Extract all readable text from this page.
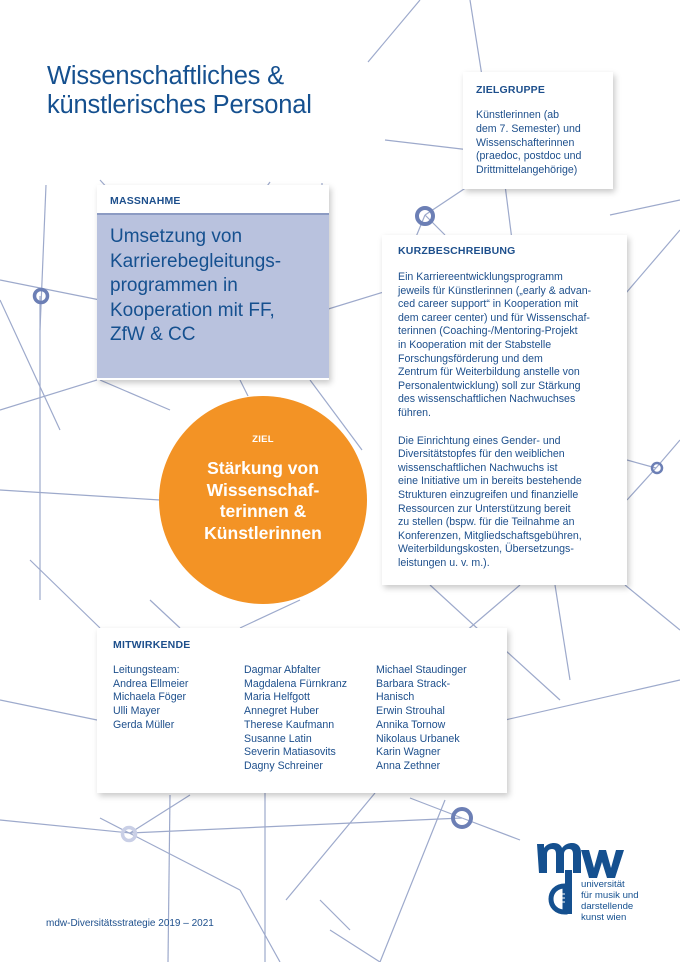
Wissenschaftliches &
künstlerisches Personal
ZIELGRUPPE
Künstlerinnen (ab
dem 7. Semester) und
Wissenschafterinnen
(praedoc, postdoc und
Drittmittelangehörige)
MASSNAHME
Umsetzung von
Karrierebegleitungs-
programmen in
Kooperation mit FF,
ZfW & CC
KURZBESCHREIBUNG
Ein Karriereentwicklungsprogramm
jeweils für Künstlerinnen („early & advan-
ced career support“ in Kooperation mit
dem career center) und für Wissenschaf-
terinnen (Coaching-/Mentoring-Projekt
in Kooperation mit der Stabstelle
Forschungsförderung und dem
Zentrum für Weiterbildung anstelle von
Personalentwicklung) soll zur Stärkung
des wissenschaftlichen Nachwuchses
führen.
Die Einrichtung eines Gender- und
Diversitätstopfes für den weiblichen
wissenschaftlichen Nachwuchs ist
eine Initiative um in bereits bestehende
Strukturen einzugreifen und finanzielle
Ressourcen zur Unterstützung bereit
zu stellen (bspw. für die Teilnahme an
Konferenzen, Mitgliedschaftsgebühren,
Weiterbildungskosten, Übersetzungs-
leistungen u. v. m.).
ZIEL
Stärkung von
Wissenschaf-
terinnen &
Künstlerinnen
MITWIRKENDE
Leitungsteam:
Andrea Ellmeier
Michaela Föger
Ulli Mayer
Gerda Müller
Dagmar Abfalter
Magdalena Fürnkranz
Maria Helfgott
Annegret Huber
Therese Kaufmann
Susanne Latin
Severin Matiasovits
Dagny Schreiner
Michael Staudinger
Barbara Strack-
Hanisch
Erwin Strouhal
Annika Tornow
Nikolaus Urbanek
Karin Wagner
Anna Zethner
mdw-Diversitätsstrategie 2019 – 2021
universität
für musik und
darstellende
kunst wien
